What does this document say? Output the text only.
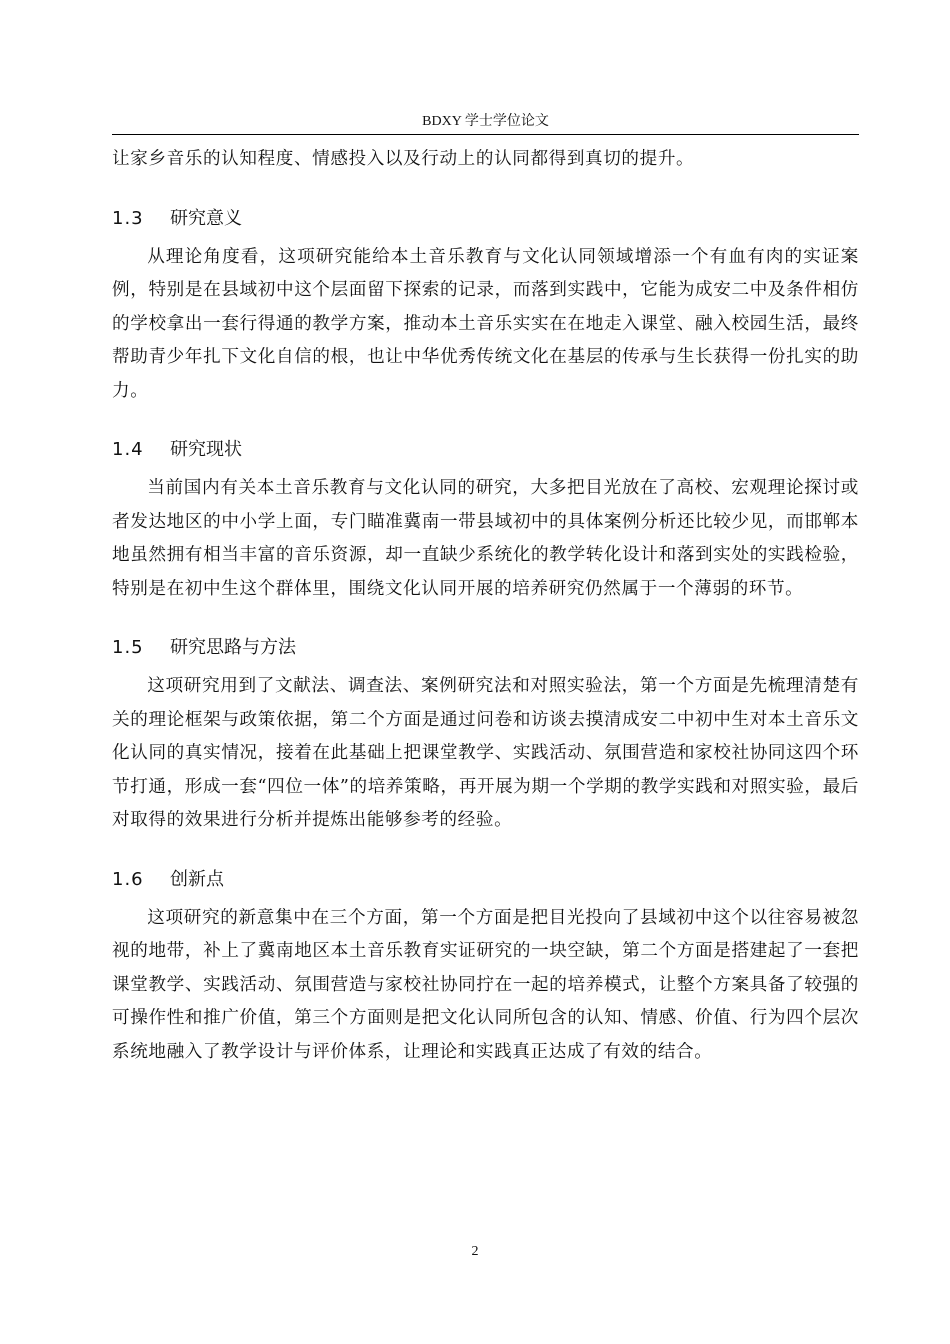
BDXY 学士学位论文

让家乡音乐的认知程度、情感投入以及行动上的认同都得到真切的提升。

1.3	研究意义

从理论角度看，这项研究能给本土音乐教育与文化认同领域增添一个有血有肉的实证案例，特别是在县域初中这个层面留下探索的记录，而落到实践中，它能为成安二中及条件相仿的学校拿出一套行得通的教学方案，推动本土音乐实实在在地走入课堂、融入校园生活，最终帮助青少年扎下文化自信的根，也让中华优秀传统文化在基层的传承与生长获得一份扎实的助力。

1.4	研究现状

当前国内有关本土音乐教育与文化认同的研究，大多把目光放在了高校、宏观理论探讨或者发达地区的中小学上面，专门瞄准冀南一带县域初中的具体案例分析还比较少见，而邯郸本地虽然拥有相当丰富的音乐资源，却一直缺少系统化的教学转化设计和落到实处的实践检验，特别是在初中生这个群体里，围绕文化认同开展的培养研究仍然属于一个薄弱的环节。

1.5	研究思路与方法

这项研究用到了文献法、调查法、案例研究法和对照实验法，第一个方面是先梳理清楚有关的理论框架与政策依据，第二个方面是通过问卷和访谈去摸清成安二中初中生对本土音乐文化认同的真实情况，接着在此基础上把课堂教学、实践活动、氛围营造和家校社协同这四个环节打通，形成一套“四位一体”的培养策略，再开展为期一个学期的教学实践和对照实验，最后对取得的效果进行分析并提炼出能够参考的经验。

1.6	创新点

这项研究的新意集中在三个方面，第一个方面是把目光投向了县域初中这个以往容易被忽视的地带，补上了冀南地区本土音乐教育实证研究的一块空缺，第二个方面是搭建起了一套把课堂教学、实践活动、氛围营造与家校社协同拧在一起的培养模式，让整个方案具备了较强的可操作性和推广价值，第三个方面则是把文化认同所包含的认知、情感、价值、行为四个层次系统地融入了教学设计与评价体系，让理论和实践真正达成了有效的结合。

2
